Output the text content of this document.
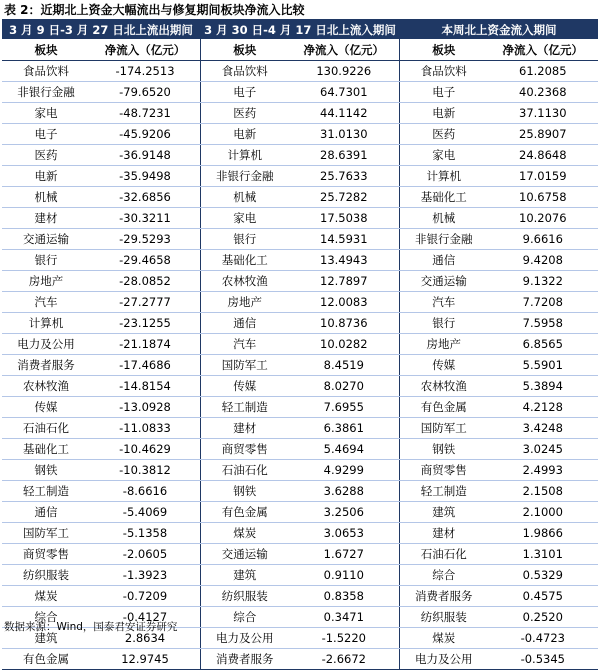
表 2：近期北上资金大幅流出与修复期间板块净流入比较
3 月 9 日-3 月 27 日北上流出期间 3 月 30 日-4 月 17 日北上流入期间	本周北上资金流入期间
板块	净流入（亿元）	板块	净流入（亿元）	板块	净流入（亿元）
食品饮料	-174.2513	食品饮料	130.9226	食品饮料	61.2085
非银行金融	-79.6520	电子	64.7301	电子	40.2368
家电	-48.7231	医药	44.1142	电新	37.1130
电子	-45.9206	电新	31.0130	医药	25.8907
医药	-36.9148	计算机	28.6391	家电	24.8648
电新	-35.9498	非银行金融	25.7633	计算机	17.0159
机械	-32.6856	机械	25.7282	基础化工	10.6758
建材	-30.3211	家电	17.5038	机械	10.2076
交通运输	-29.5293	银行	14.5931	非银行金融	9.6616
银行	-29.4658	基础化工	13.4943	通信	9.4208
房地产	-28.0852	农林牧渔	12.7897	交通运输	9.1322
汽车	-27.2777	房地产	12.0083	汽车	7.7208
计算机	-23.1255	通信	10.8736	银行	7.5958
电力及公用	-21.1874	汽车	10.0282	房地产	6.8565
消费者服务	-17.4686	国防军工	8.4519	传媒	5.5901
农林牧渔	-14.8154	传媒	8.0270	农林牧渔	5.3894
传媒	-13.0928	轻工制造	7.6955	有色金属	4.2128
石油石化	-11.0833	建材	6.3861	国防军工	3.4248
基础化工	-10.4629	商贸零售	5.4694	钢铁	3.0245
钢铁	-10.3812	石油石化	4.9299	商贸零售	2.4993
轻工制造	-8.6616	钢铁	3.6288	轻工制造	2.1508
通信	-5.4069	有色金属	3.2506	建筑	2.1000
国防军工	-5.1358	煤炭	3.0653	建材	1.9866
商贸零售	-2.0605	交通运输	1.6727	石油石化	1.3101
纺织服装	-1.3923	建筑	0.9110	综合	0.5329
煤炭	-0.7209	纺织服装	0.8358	消费者服务	0.4575
综合	-0.4127	综合	0.3471	纺织服装	0.2520
建筑	2.8634	电力及公用	-1.5220	煤炭	-0.4723
有色金属	12.9745	消费者服务	-2.6672	电力及公用	-0.5345
数据来源：Wind，国泰君安证券研究
